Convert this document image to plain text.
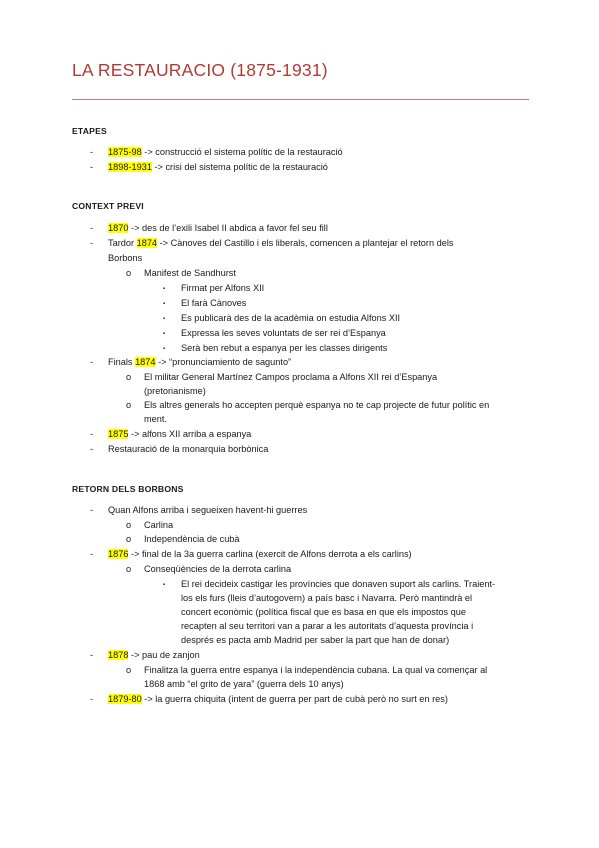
LA RESTAURACIO (1875-1931)
ETAPES
- 1875-98 -> construcció el sistema polític de la restauració
- 1898-1931 -> crisi del sistema polític de la restauració
CONTEXT PREVI
- 1870 -> des de l’exili Isabel II abdica a favor fel seu fill
- Tardor 1874 -> Cànoves del Castillo i els liberals, comencen a plantejar el retorn dels
Borbons
o Manifest de Sandhurst
▪ Firmat per Alfons XII
▪ El farà Cànoves
▪ Es publicarà des de la acadèmia on estudia Alfons XII
▪ Expressa les seves voluntats de ser rei d’Espanya
▪ Serà ben rebut a espanya per les classes dirigents
- Finals 1874 -> “pronunciamiento de sagunto”
o El militar General Martínez Campos proclama a Alfons XII rei d’Espanya
(pretorianisme)
o Els altres generals ho accepten perquè espanya no te cap projecte de futur polític en
ment.
- 1875 -> alfons XII arriba a espanya
- Restauració de la monarquia borbònica
RETORN DELS BORBONS
- Quan Alfons arriba i segueixen havent-hi guerres
o Carlina
o Independència de cubà
- 1876 -> final de la 3a guerra carlina (exercit de Alfons derrota a els carlins)
o Conseqüències de la derrota carlina
▪ El rei decideix castigar les províncies que donaven suport als carlins. Traient-
los els furs (lleis d’autogovern) a país basc i Navarra. Però mantindrà el
concert econòmic (política fiscal que es basa en que els impostos que
recapten al seu territori van a parar a les autoritats d’aquesta província i
després es pacta amb Madrid per saber la part que han de donar)
- 1878 -> pau de zanjon
o Finalitza la guerra entre espanya i la independència cubana. La qual va començar al
1868 amb “el grito de yara” (guerra dels 10 anys)
- 1879-80 -> la guerra chiquita (intent de guerra per part de cubà però no surt en res)
